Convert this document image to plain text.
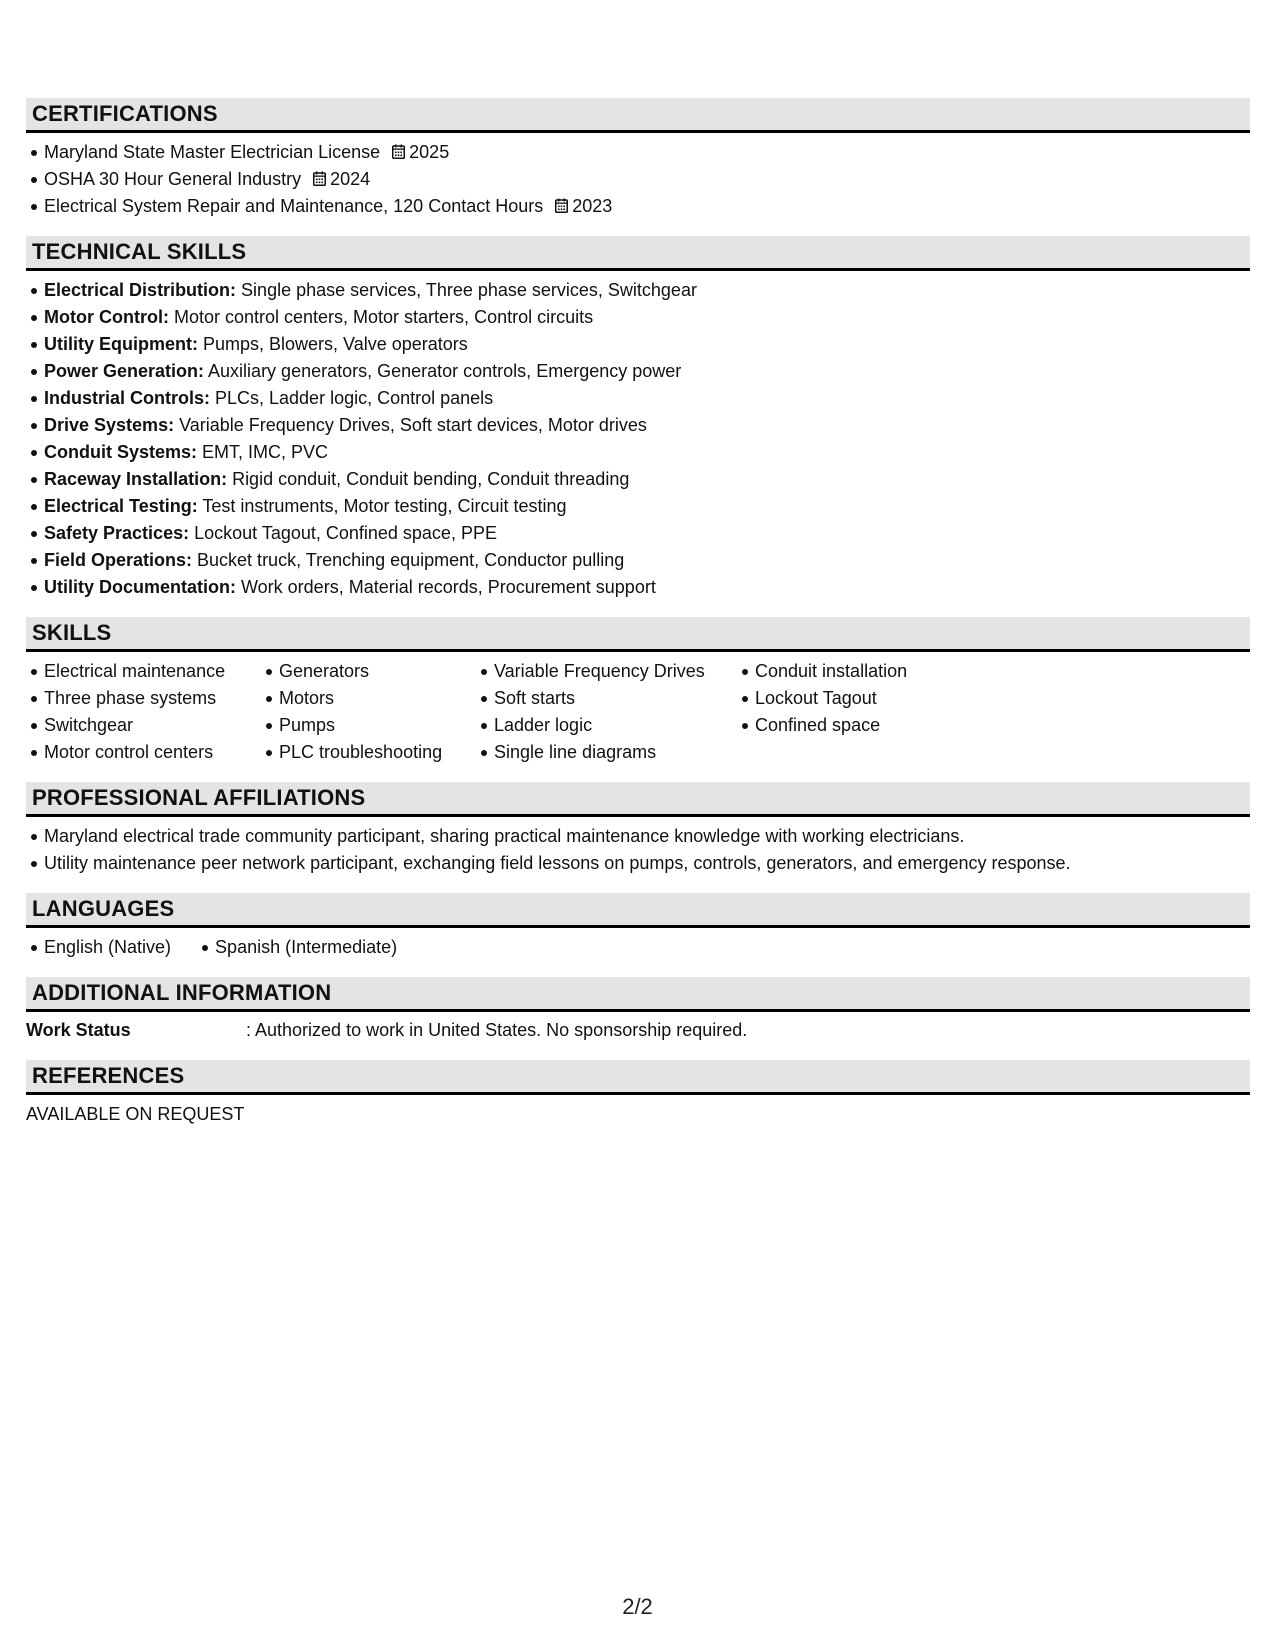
CERTIFICATIONS
Maryland State Master Electrician License 2025
OSHA 30 Hour General Industry 2024
Electrical System Repair and Maintenance, 120 Contact Hours 2023
TECHNICAL SKILLS
Electrical Distribution: Single phase services, Three phase services, Switchgear
Motor Control: Motor control centers, Motor starters, Control circuits
Utility Equipment: Pumps, Blowers, Valve operators
Power Generation: Auxiliary generators, Generator controls, Emergency power
Industrial Controls: PLCs, Ladder logic, Control panels
Drive Systems: Variable Frequency Drives, Soft start devices, Motor drives
Conduit Systems: EMT, IMC, PVC
Raceway Installation: Rigid conduit, Conduit bending, Conduit threading
Electrical Testing: Test instruments, Motor testing, Circuit testing
Safety Practices: Lockout Tagout, Confined space, PPE
Field Operations: Bucket truck, Trenching equipment, Conductor pulling
Utility Documentation: Work orders, Material records, Procurement support
SKILLS
Electrical maintenance
Three phase systems
Switchgear
Motor control centers
Generators
Motors
Pumps
PLC troubleshooting
Variable Frequency Drives
Soft starts
Ladder logic
Single line diagrams
Conduit installation
Lockout Tagout
Confined space
PROFESSIONAL AFFILIATIONS
Maryland electrical trade community participant, sharing practical maintenance knowledge with working electricians.
Utility maintenance peer network participant, exchanging field lessons on pumps, controls, generators, and emergency response.
LANGUAGES
English (Native) Spanish (Intermediate)
ADDITIONAL INFORMATION
Work Status	: Authorized to work in United States. No sponsorship required.
REFERENCES
AVAILABLE ON REQUEST
2/2
